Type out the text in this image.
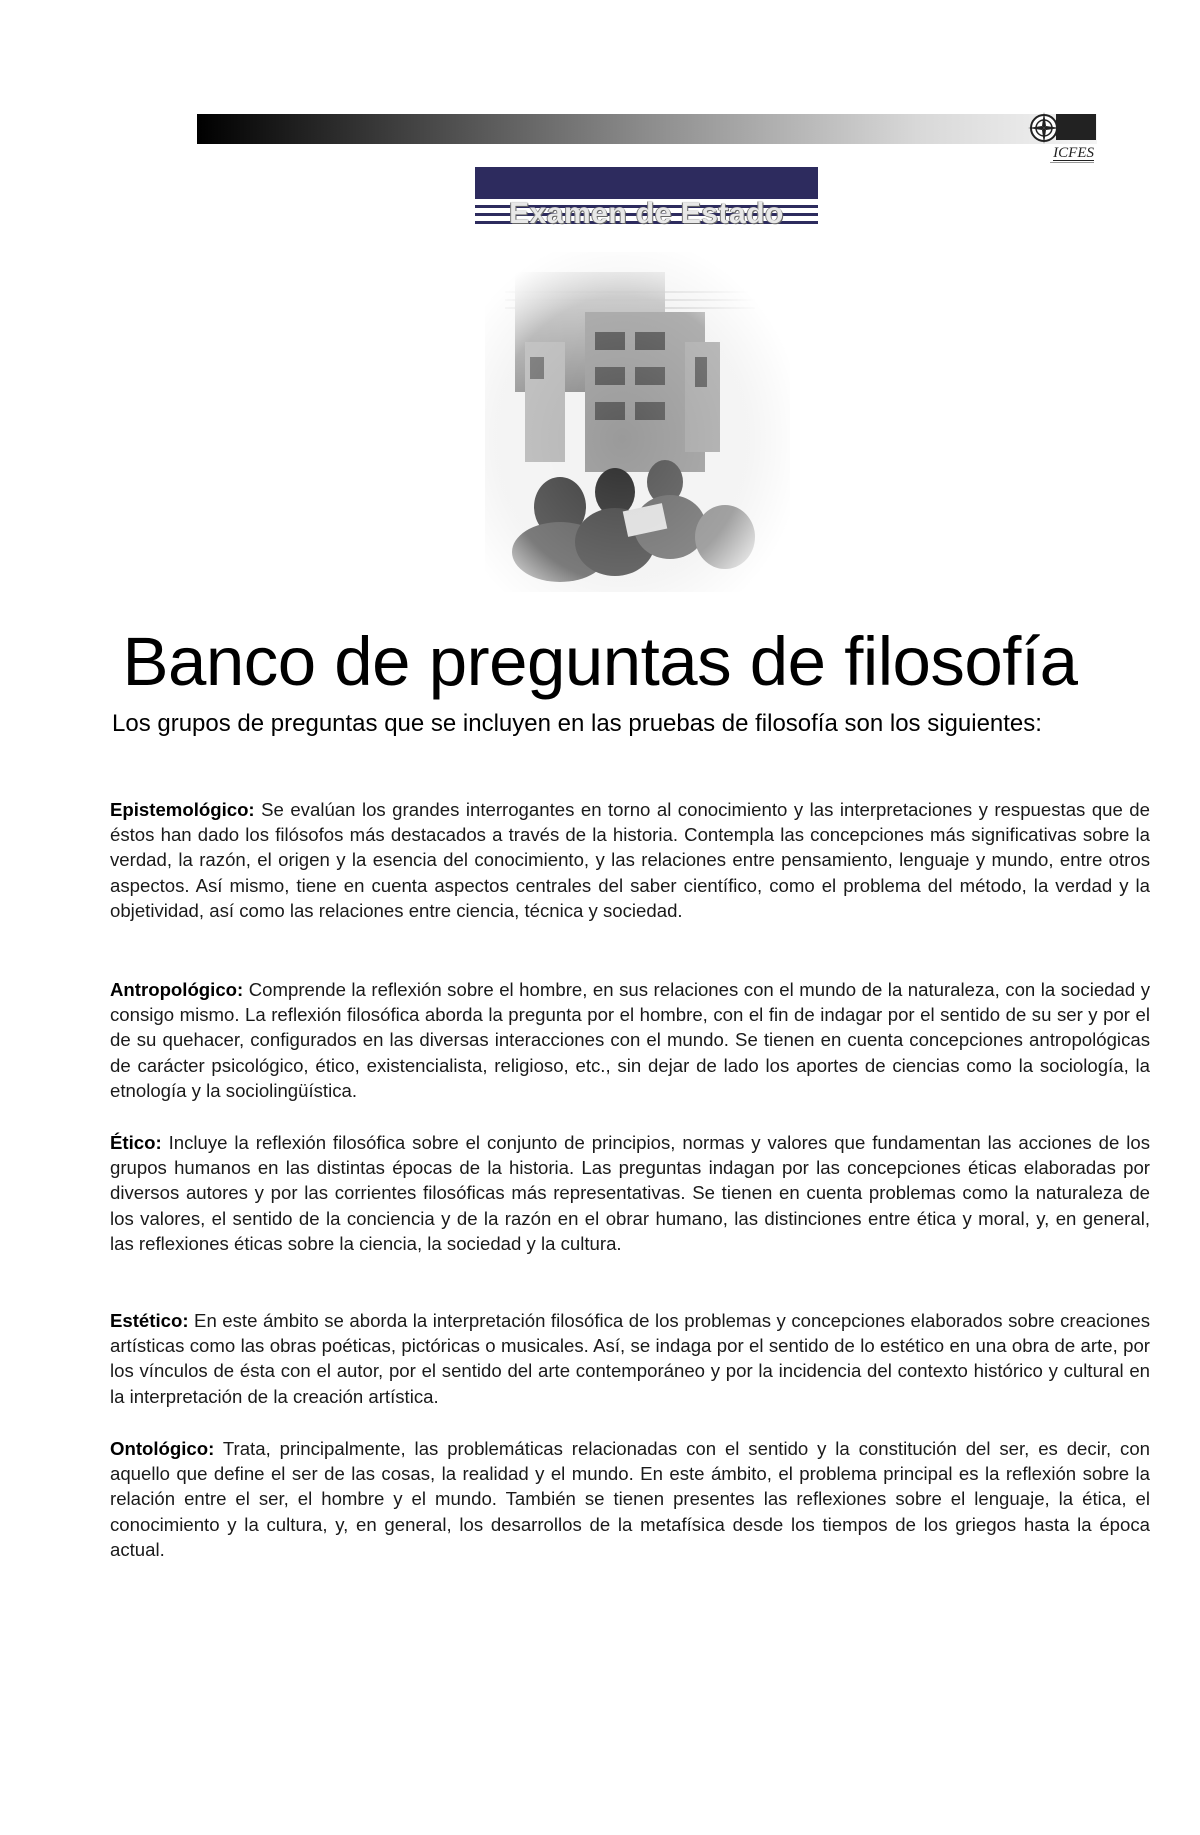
ICFES
Examen de Estado
Banco de preguntas de filosofía

Los grupos de preguntas que se incluyen en las pruebas de filosofía son los siguientes:

Epistemológico: Se evalúan los grandes interrogantes en torno al conocimiento y las interpretaciones y respuestas que de éstos han dado los filósofos más destacados a través de la historia. Contempla las concepciones más significativas sobre la verdad, la razón, el origen y la esencia del conocimiento, y las relaciones entre pensamiento, lenguaje y mundo, entre otros aspectos. Así mismo, tiene en cuenta aspectos centrales del saber científico, como el problema del método, la verdad y la objetividad, así como las relaciones entre ciencia, técnica y sociedad.

Antropológico: Comprende la reflexión sobre el hombre, en sus relaciones con el mundo de la naturaleza, con la sociedad y consigo mismo. La reflexión filosófica aborda la pregunta por el hombre, con el fin de indagar por el sentido de su ser y por el de su quehacer, configurados en las diversas interacciones con el mundo. Se tienen en cuenta concepciones antropológicas de carácter psicológico, ético, existencialista, religioso, etc., sin dejar de lado los aportes de ciencias como la sociología, la etnología y la sociolingüística.

Ético: Incluye la reflexión filosófica sobre el conjunto de principios, normas y valores que fundamentan las acciones de los grupos humanos en las distintas épocas de la historia. Las preguntas indagan por las concepciones éticas elaboradas por diversos autores y por las corrientes filosóficas más representativas. Se tienen en cuenta problemas como la naturaleza de los valores, el sentido de la conciencia y de la razón en el obrar humano, las distinciones entre ética y moral, y, en general, las reflexiones éticas sobre la ciencia, la sociedad y la cultura.

Estético: En este ámbito se aborda la interpretación filosófica de los problemas y concepciones elaborados sobre creaciones artísticas como las obras poéticas, pictóricas o musicales. Así, se indaga por el sentido de lo estético en una obra de arte, por los vínculos de ésta con el autor, por el sentido del arte contemporáneo y por la incidencia del contexto histórico y cultural en la interpretación de la creación artística.

Ontológico: Trata, principalmente, las problemáticas relacionadas con el sentido y la constitución del ser, es decir, con aquello que define el ser de las cosas, la realidad y el mundo. En este ámbito, el problema principal es la reflexión sobre la relación entre el ser, el hombre y el mundo. También se tienen presentes las reflexiones sobre el lenguaje, la ética, el conocimiento y la cultura, y, en general, los desarrollos de la metafísica desde los tiempos de los griegos hasta la época actual.
